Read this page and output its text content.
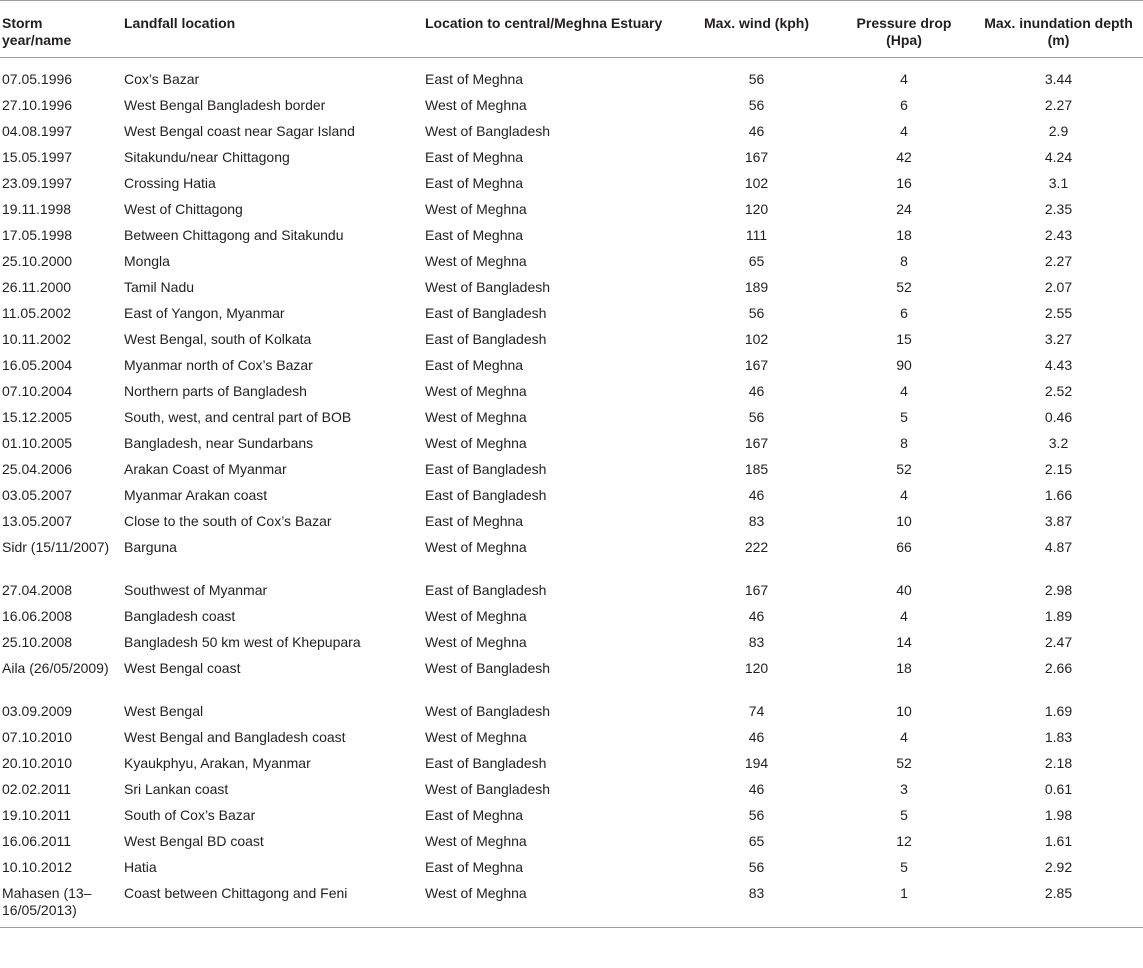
Storm year/name	Landfall location	Location to central/Meghna Estuary	Max. wind (kph)	Pressure drop (Hpa)	Max. inundation depth (m)
07.05.1996	Cox’s Bazar	East of Meghna	56	4	3.44
27.10.1996	West Bengal Bangladesh border	West of Meghna	56	6	2.27
04.08.1997	West Bengal coast near Sagar Island	West of Bangladesh	46	4	2.9
15.05.1997	Sitakundu/near Chittagong	East of Meghna	167	42	4.24
23.09.1997	Crossing Hatia	East of Meghna	102	16	3.1
19.11.1998	West of Chittagong	West of Meghna	120	24	2.35
17.05.1998	Between Chittagong and Sitakundu	East of Meghna	111	18	2.43
25.10.2000	Mongla	West of Meghna	65	8	2.27
26.11.2000	Tamil Nadu	West of Bangladesh	189	52	2.07
11.05.2002	East of Yangon, Myanmar	East of Bangladesh	56	6	2.55
10.11.2002	West Bengal, south of Kolkata	East of Bangladesh	102	15	3.27
16.05.2004	Myanmar north of Cox’s Bazar	East of Meghna	167	90	4.43
07.10.2004	Northern parts of Bangladesh	West of Meghna	46	4	2.52
15.12.2005	South, west, and central part of BOB	West of Meghna	56	5	0.46
01.10.2005	Bangladesh, near Sundarbans	West of Meghna	167	8	3.2
25.04.2006	Arakan Coast of Myanmar	East of Bangladesh	185	52	2.15
03.05.2007	Myanmar Arakan coast	East of Bangladesh	46	4	1.66
13.05.2007	Close to the south of Cox’s Bazar	East of Meghna	83	10	3.87
Sidr (15/11/2007)	Barguna	West of Meghna	222	66	4.87
27.04.2008	Southwest of Myanmar	East of Bangladesh	167	40	2.98
16.06.2008	Bangladesh coast	West of Meghna	46	4	1.89
25.10.2008	Bangladesh 50 km west of Khepupara	West of Meghna	83	14	2.47
Aila (26/05/2009)	West Bengal coast	West of Bangladesh	120	18	2.66
03.09.2009	West Bengal	West of Bangladesh	74	10	1.69
07.10.2010	West Bengal and Bangladesh coast	West of Meghna	46	4	1.83
20.10.2010	Kyaukphyu, Arakan, Myanmar	East of Bangladesh	194	52	2.18
02.02.2011	Sri Lankan coast	West of Bangladesh	46	3	0.61
19.10.2011	South of Cox’s Bazar	East of Meghna	56	5	1.98
16.06.2011	West Bengal BD coast	West of Meghna	65	12	1.61
10.10.2012	Hatia	East of Meghna	56	5	2.92
Mahasen (13–16/05/2013)	Coast between Chittagong and Feni	West of Meghna	83	1	2.85
